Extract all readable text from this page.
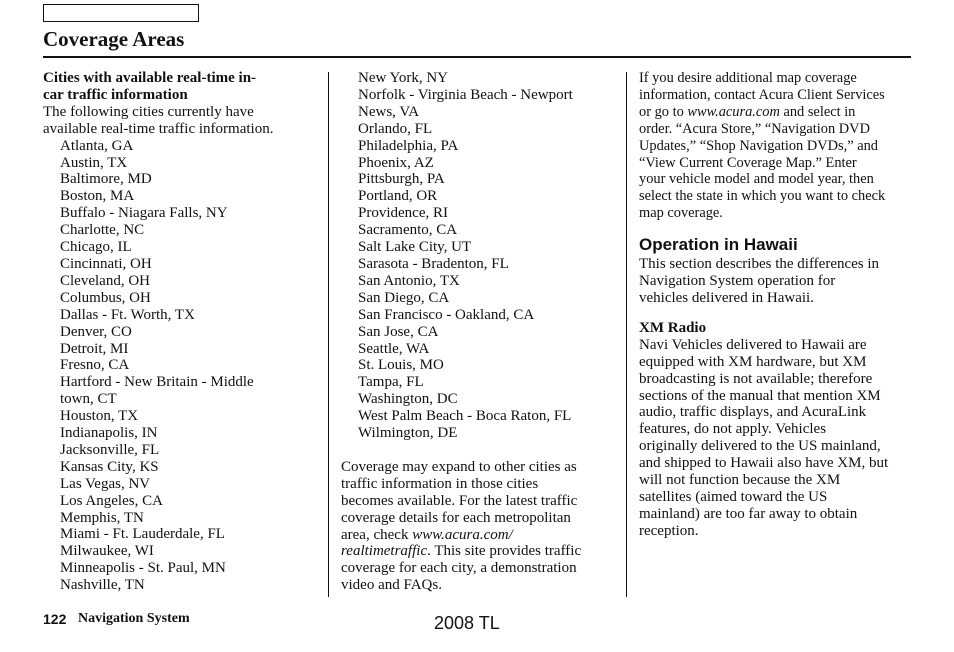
Coverage Areas
Cities with available real-time in-
car traffic information
The following cities currently have
available real-time traffic information.
Atlanta, GA
Austin, TX
Baltimore, MD
Boston, MA
Buffalo - Niagara Falls, NY
Charlotte, NC
Chicago, IL
Cincinnati, OH
Cleveland, OH
Columbus, OH
Dallas - Ft. Worth, TX
Denver, CO
Detroit, MI
Fresno, CA
Hartford - New Britain - Middle
town, CT
Houston, TX
Indianapolis, IN
Jacksonville, FL
Kansas City, KS
Las Vegas, NV
Los Angeles, CA
Memphis, TN
Miami - Ft. Lauderdale, FL
Milwaukee, WI
Minneapolis - St. Paul, MN
Nashville, TN
New York, NY
Norfolk - Virginia Beach - Newport
News, VA
Orlando, FL
Philadelphia, PA
Phoenix, AZ
Pittsburgh, PA
Portland, OR
Providence, RI
Sacramento, CA
Salt Lake City, UT
Sarasota - Bradenton, FL
San Antonio, TX
San Diego, CA
San Francisco - Oakland, CA
San Jose, CA
Seattle, WA
St. Louis, MO
Tampa, FL
Washington, DC
West Palm Beach - Boca Raton, FL
Wilmington, DE
Coverage may expand to other cities as
traffic information in those cities
becomes available. For the latest traffic
coverage details for each metropolitan
area, check www.acura.com/
realtimetraffic. This site provides traffic
coverage for each city, a demonstration
video and FAQs.
If you desire additional map coverage
information, contact Acura Client Services
or go to www.acura.com and select in
order. “Acura Store,” “Navigation DVD
Updates,” “Shop Navigation DVDs,” and
“View Current Coverage Map.” Enter
your vehicle model and model year, then
select the state in which you want to check
map coverage.
Operation in Hawaii
This section describes the differences in
Navigation System operation for
vehicles delivered in Hawaii.
XM Radio
Navi Vehicles delivered to Hawaii are
equipped with XM hardware, but XM
broadcasting is not available; therefore
sections of the manual that mention XM
audio, traffic displays, and AcuraLink
features, do not apply. Vehicles
originally delivered to the US mainland,
and shipped to Hawaii also have XM, but
will not function because the XM
satellites (aimed toward the US
mainland) are too far away to obtain
reception.
122 Navigation System	2008 TL
